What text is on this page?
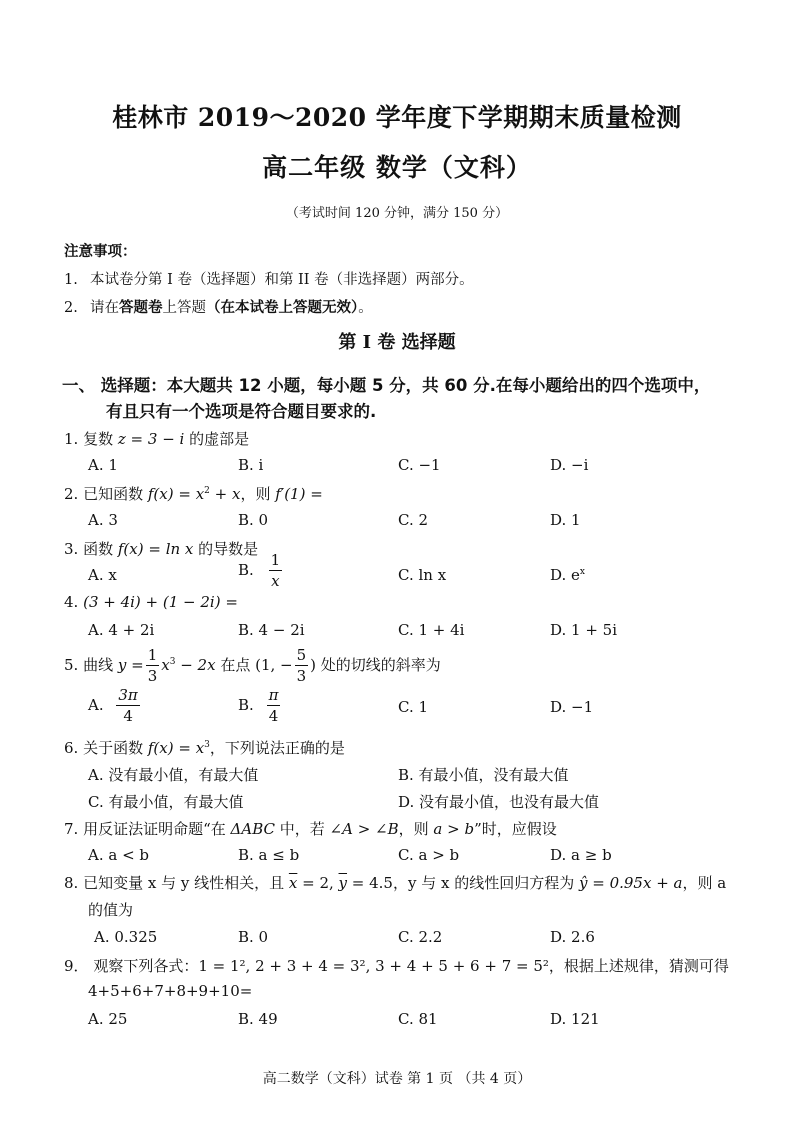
桂林市 2019～2020 学年度下学期期末质量检测
高二年级 数学（文科）
（考试时间 120 分钟，满分 150 分）
注意事项：
1. 本试卷分第 I 卷（选择题）和第 II 卷（非选择题）两部分。
2. 请在答题卷上答题（在本试卷上答题无效）。
第 I 卷 选择题
一、 选择题：本大题共 12 小题，每小题 5 分，共 60 分.在每小题给出的四个选项中，
有且只有一个选项是符合题目要求的.
1. 复数 z = 3 − i 的虚部是
A. 1	B. i	C. −1	D. −i
2. 已知函数 $f(x) = x^2 + x$，则 f′(1) =
A. 3	B. 0	C. 2	D. 1
3. 函数 f(x) = ln x 的导数是
A. x	B. $\frac{1}{x}$	C. ln x	D. $e^x$
4. (3 + 4i) + (1 − 2i) =
A. 4 + 2i	B. 4 − 2i	C. 1 + 4i	D. 1 + 5i
5. 曲线 $y = \frac{1}{3} x^3 - 2x$ 在点 (1, − $\frac{5}{3}$ ) 处的切线的斜率为
A. $\frac{3\pi}{4}$	B. $\frac{\pi}{4}$	C. 1	D. −1
6. 关于函数 $f(x) = x^3$，下列说法正确的是
A. 没有最小值，有最大值	B. 有最小值，没有最大值
C. 有最小值，有最大值	D. 没有最小值，也没有最大值
7. 用反证法证明命题“在 ΔABC 中，若 ∠A > ∠B，则 a > b”时，应假设
A. a < b	B. a ≤ b	C. a > b	D. a ≥ b
8. 已知变量 x 与 y 线性相关，且 $\overline{x} = 2$, $\overline{y} = 4.5$，y 与 x 的线性回归方程为 ŷ = 0.95x + a，则 a
的值为
A. 0.325	B. 0	C. 2.2	D. 2.6
9． 观察下列各式：1 = 1², 2 + 3 + 4 = 3², 3 + 4 + 5 + 6 + 7 = 5²，根据上述规律，猜测可得
4+5+6+7+8+9+10=
A. 25	B. 49	C. 81	D. 121
高二数学（文科）试卷 第 1 页 （共 4 页）
